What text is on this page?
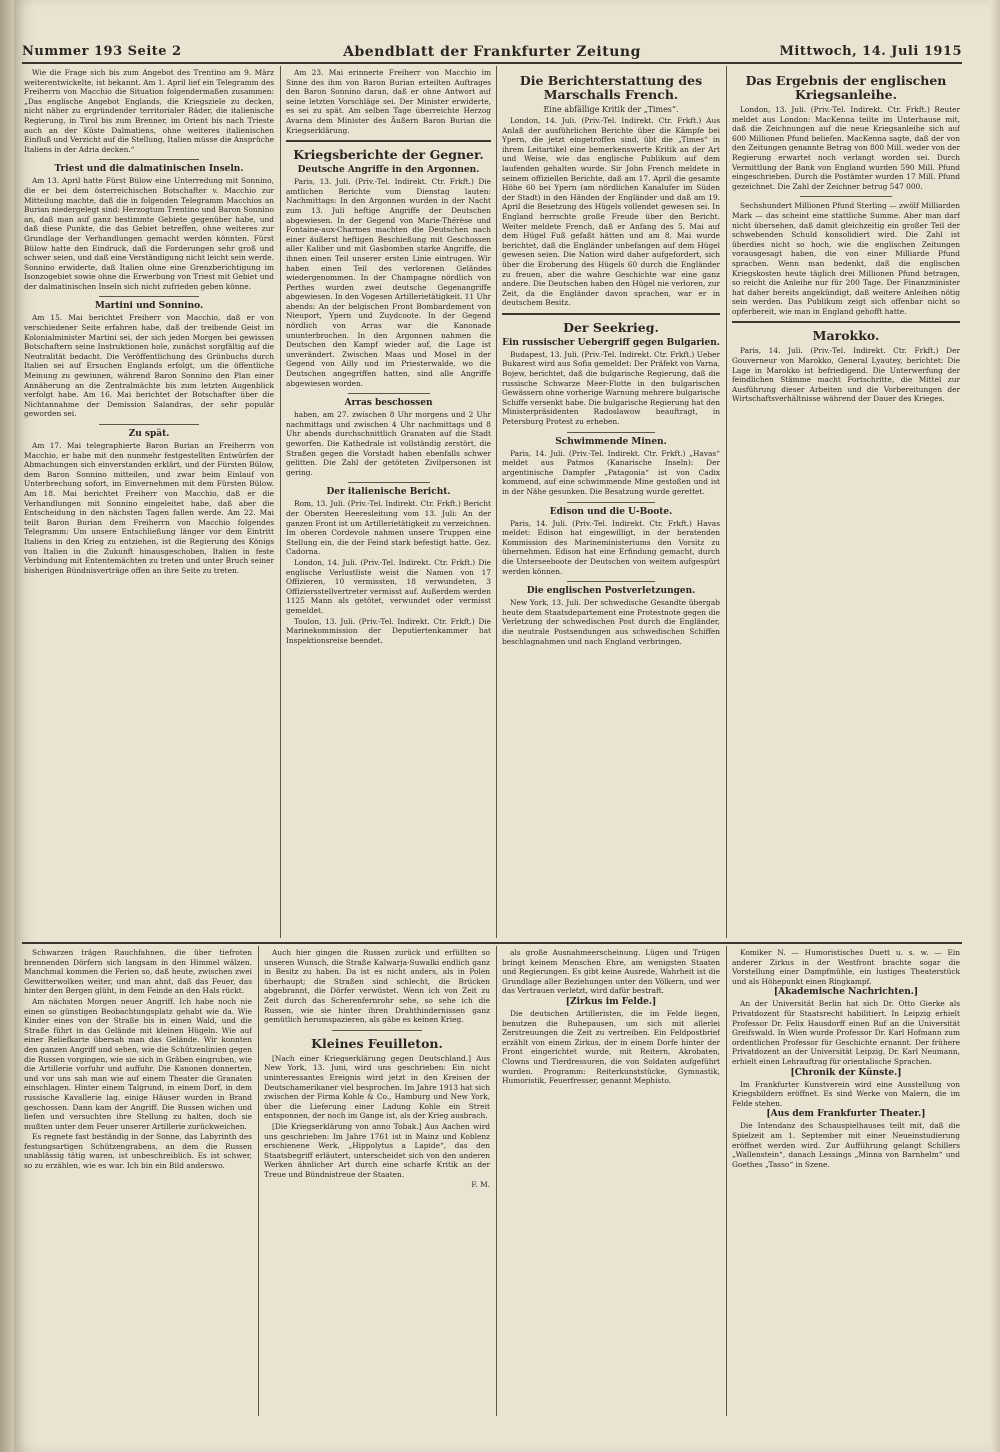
Nummer 193 Seite 2	Abendblatt der Frankfurter Zeitung	Mittwoch, 14. Juli 1915

Wie die Frage sich bis zum Angebot des Trentino am 9. März weiterentwickelte, ist bekannt. Am 1. April lief ein Telegramm des Freiherrn von Macchio die Situation folgendermaßen zusammen: „Das englische Angebot Englands, die Kriegsziele zu decken, nicht näher zu ergründender territorialer Räder, die italienische Regierung, in Tirol bis zum Brenner, im Orient bis nach Trieste auch an der Küste Dalmatiens, ohne weiteres italienischen Einfluß und Verzicht auf die Stellung, Italien müsse die Ansprüche Italiens in der Adria decken.“

Triest und die dalmatinischen Inseln.

Am 13. April hatte Fürst Bülow eine Unterredung mit Sonnino, die er bei dem österreichischen Botschafter v. Macchio zur Mitteilung machte, daß die in folgenden Telegramm Macchios an Burian niedergelegt sind: Herzogtum Trentino und Baron Sonnino an, daß man auf ganz bestimmte Gebiete gegenüber habe, und daß diese Punkte, die das Gebiet betreffen, ohne weiteres zur Grundlage der Verhandlungen gemacht werden könnten. Fürst Bülow hatte den Eindruck, daß die Forderungen sehr groß und schwer seien, und daß eine Verständigung nicht leicht sein werde. Sonnino erwiderte, daß Italien ohne eine Grenzberichtigung im Isonzogebiet sowie ohne die Erwerbung von Triest mit Gebiet und der dalmatinischen Inseln sich nicht zufrieden geben könne.

Martini und Sonnino.

Am 15. Mai berichtet Freiherr von Macchio, daß er von verschiedener Seite erfahren habe, daß der treibende Geist im Kolonialminister Martini sei, der sich jeden Morgen bei gewissen Botschaftern seine Instruktionen hole, zunächst sorgfältig auf die Neutralität bedacht. Die Veröffentlichung des Grünbuchs durch Italien sei auf Ersuchen Englands erfolgt, um die öffentliche Meinung zu gewinnen, während Baron Sonnino den Plan einer Annäherung an die Zentralmächte bis zum letzten Augenblick verfolgt habe. Am 16. Mai berichtet der Botschafter über die Nichtannahme der Demission Salandras, der sehr populär geworden sei.

Zu spät.

Am 17. Mai telegraphierte Baron Burian an Freiherrn von Macchio, er habe mit den nunmehr festgestellten Entwürfen der Abmachungen sich einverstanden erklärt, und der Fürsten Bülow, dem Baron Sonnino mitteilen, und zwar beim Einlauf von Unterbrechung sofort, im Einvernehmen mit dem Fürsten Bülow. Am 18. Mai berichtet Freiherr von Macchio, daß er die Verhandlungen mit Sonnino eingeleitet habe, daß aber die Entscheidung in den nächsten Tagen fallen werde. Am 22. Mai teilt Baron Burian dem Freiherrn von Macchio folgendes Telegramm: Um unsere Entschließung länger vor dem Eintritt Italiens in den Krieg zu entziehen, ist die Regierung des Königs von Italien in die Zukunft hinausgeschoben, Italien in feste Verbindung mit Ententemächten zu treten und unter Bruch seiner bisherigen Bündnisverträge offen an ihre Seite zu treten.

Am 23. Mai erinnerte Freiherr von Macchio im Sinne des ihm von Baron Burian erteilten Auftrages den Baron Sonnino daran, daß er ohne Antwort auf seine letzten Vorschläge sei. Der Minister erwiderte, es sei zu spät. Am selben Tage überreichte Herzog Avarna dem Minister des Äußern Baron Burian die Kriegserklärung.

Kriegsberichte der Gegner.

Deutsche Angriffe in den Argonnen.

Paris, 13. Juli. (Priv.-Tel. Indirekt. Ctr. Frkft.) Die amtlichen Berichte vom Dienstag lauten: Nachmittags: In den Argonnen wurden in der Nacht zum 13. Juli heftige Angriffe der Deutschen abgewiesen. In der Gegend von Marie-Thérèse und Fontaine-aux-Charmes machten die Deutschen nach einer äußerst heftigen Beschießung mit Geschossen aller Kaliber und mit Gasbomben starke Angriffe, die ihnen einen Teil unserer ersten Linie eintrugen. Wir haben einen Teil des verlorenen Geländes wiedergenommen. In der Champagne nördlich von Perthes wurden zwei deutsche Gegenangriffe abgewiesen. In den Vogesen Artillerietätigkeit. 11 Uhr abends: An der belgischen Front Bombardement von Nieuport, Ypern und Zuydcoote. In der Gegend nördlich von Arras war die Kanonade ununterbrochen. In den Argonnen nahmen die Deutschen den Kampf wieder auf, die Lage ist unverändert. Zwischen Maas und Mosel in der Gegend von Ailly und im Priesterwalde, wo die Deutschen angegriffen hatten, sind alle Angriffe abgewiesen worden.

Arras beschossen

haben, am 27. zwischen 8 Uhr morgens und 2 Uhr nachmittags und zwischen 4 Uhr nachmittags und 8 Uhr abends durchschnittlich Granaten auf die Stadt geworfen. Die Kathedrale ist vollständig zerstört, die Straßen gegen die Vorstadt haben ebenfalls schwer gelitten. Die Zahl der getöteten Zivilpersonen ist gering.

Der italienische Bericht.

Rom, 13. Juli. (Priv.-Tel. Indirekt. Ctr. Frkft.) Bericht der Obersten Heeresleitung vom 13. Juli: An der ganzen Front ist um Artillerietätigkeit zu verzeichnen. Im oberen Cordevole nahmen unsere Truppen eine Stellung ein, die der Feind stark befestigt hatte. Gez. Cadorna.

London, 14. Juli. (Priv.-Tel. Indirekt. Ctr. Frkft.) Die englische Verlustliste weist die Namen von 17 Offizieren, 10 vermissten, 18 verwundeten, 3 Offiziersstellvertreter vermisst auf. Außerdem werden 1125 Mann als getötet, verwundet oder vermisst gemeldet.

Toulon, 13. Juli. (Priv.-Tel. Indirekt. Ctr. Frkft.) Die Marinekommission der Deputiertenkammer hat Inspektionsreise beendet.

Die Berichterstattung des Marschalls French.

Eine abfällige Kritik der „Times“.

London, 14. Juli. (Priv.-Tel. Indirekt. Ctr. Frkft.) Aus Anlaß der ausführlichen Berichte über die Kämpfe bei Ypern, die jetzt eingetroffen sind, übt die „Times“ in ihrem Leitartikel eine bemerkenswerte Kritik an der Art und Weise, wie das englische Publikum auf dem laufenden gehalten wurde. Sir John French meldete in seinem offiziellen Berichte, daß am 17. April die gesamte Höhe 60 bei Ypern (am nördlichen Kanalufer im Süden der Stadt) in den Händen der Engländer und daß am 19. April die Besetzung des Hügels vollendet gewesen sei. In England herrschte große Freude über den Bericht. Weiter meldete French, daß er Anfang des 5. Mai auf dem Hügel Fuß gefaßt hätten und am 8. Mai wurde berichtet, daß die Engländer unbefangen auf dem Hügel gewesen seien. Die Nation wird daher aufgefordert, sich über die Eroberung des Hügels 60 durch die Engländer zu freuen, aber die wahre Geschichte war eine ganz andere. Die Deutschen haben den Hügel nie verloren, zur Zeit, da die Engländer davon sprachen, war er in deutschem Besitz.

Der Seekrieg.

Ein russischer Uebergriff gegen Bulgarien.

Budapest, 13. Juli. (Priv.-Tel. Indirekt. Ctr. Frkft.) Ueber Bukarest wird aus Sofia gemeldet: Der Präfekt von Varna, Bojew, berichtet, daß die bulgarische Regierung, daß die russische Schwarze Meer-Flotte in den bulgarischen Gewässern ohne vorherige Warnung mehrere bulgarische Schiffe versenkt habe. Die bulgarische Regierung hat den Ministerpräsidenten Radoslawow beauftragt, in Petersburg Protest zu erheben.

Schwimmende Minen.

Paris, 14. Juli. (Priv.-Tel. Indirekt. Ctr. Frkft.) „Havas“ meldet aus Patmos (Kanarische Inseln): Der argentinische Dampfer „Patagonia“ ist von Cadix kommend, auf eine schwimmende Mine gestoßen und ist in der Nähe gesunken. Die Besatzung wurde gerettet.

Edison und die U-Boote.

Paris, 14. Juli. (Priv.-Tel. Indirekt. Ctr. Frkft.) Havas meldet: Edison hat eingewilligt, in der beratenden Kommission des Marineministeriums den Vorsitz zu übernehmen. Edison hat eine Erfindung gemacht, durch die Unterseeboote der Deutschen von weitem aufgespürt werden können.

Die englischen Postverletzungen.

New York, 13. Juli. Der schwedische Gesandte übergab heute dem Staatsdepartement eine Protestnote gegen die Verletzung der schwedischen Post durch die Engländer, die neutrale Postsendungen aus schwedischen Schiffen beschlagnahmen und nach England verbringen.

Das Ergebnis der englischen Kriegsanleihe.

London, 13. Juli. (Priv.-Tel. Indirekt. Ctr. Frkft.) Reuter meldet aus London: MacKenna teilte im Unterhause mit, daß die Zeichnungen auf die neue Kriegsanleihe sich auf 600 Millionen Pfund beliefen. MacKenna sagte, daß der von den Zeitungen genannte Betrag von 800 Mill. weder von der Regierung erwartet noch verlangt worden sei. Durch Vermittlung der Bank von England wurden 590 Mill. Pfund eingeschrieben. Durch die Postämter wurden 17 Mill. Pfund gezeichnet. Die Zahl der Zeichner betrug 547 000.

Sechshundert Millionen Pfund Sterling — zwölf Milliarden Mark — das scheint eine stattliche Summe. Aber man darf nicht übersehen, daß damit gleichzeitig ein großer Teil der schwebenden Schuld konsolidiert wird. Die Zahl ist überdies nicht so hoch, wie die englischen Zeitungen vorausgesagt haben, die von einer Milliarde Pfund sprachen. Wenn man bedenkt, daß die englischen Kriegskosten heute täglich drei Millionen Pfund betragen, so reicht die Anleihe nur für 200 Tage. Der Finanzminister hat daher bereits angekündigt, daß weitere Anleihen nötig sein werden. Das Publikum zeigt sich offenbar nicht so opferbereit, wie man in England gehofft hatte.

Marokko.

Paris, 14. Juli. (Priv.-Tel. Indirekt. Ctr. Frkft.) Der Gouverneur von Marokko, General Lyautey, berichtet: Die Lage in Marokko ist befriedigend. Die Unterwerfung der feindlichen Stämme macht Fortschritte, die Mittel zur Ausführung dieser Arbeiten und die Vorbereitungen der Wirtschaftsverhältnisse während der Dauer des Krieges.

Schwarzen trägen Rauchfahnen, die über tiefroten brennenden Dörfern sich langsam in den Himmel wälzen. Manchmal kommen die Ferien so, daß heute, zwischen zwei Gewitterwolken weiter, und man ahnt, daß das Feuer, das hinter den Bergen glüht, in dem Feinde an den Hals rückt.

Am nächsten Morgen neuer Angriff. Ich habe noch nie einen so günstigen Beobachtungsplatz gehabt wie da. Wie Kinder eines von der Straße bis in einen Wald, und die Straße führt in das Gelände mit kleinen Hügeln. Wie auf einer Reliefkarte übersah man das Gelände. Wir konnten den ganzen Angriff und sehen, wie die Schützenlinien gegen die Russen vorgingen, wie sie sich in Gräben eingruben, wie die Artillerie vorfuhr und auffuhr. Die Kanonen donnerten, und vor uns sah man wie auf einem Theater die Granaten einschlagen. Hinter einem Talgrund, in einem Dorf, in dem russische Kavallerie lag, einige Häuser wurden in Brand geschossen. Dann kam der Angriff. Die Russen wichen und liefen und versuchten ihre Stellung zu halten, doch sie mußten unter dem Feuer unserer Artillerie zurückweichen.

Es regnete fast beständig in der Sonne, das Labyrinth des festungsartigen Schützengrabens, an dem die Russen unablässig tätig waren, ist unbeschreiblich. Es ist schwer, so zu erzählen, wie es war. Ich bin ein Bild anderswo.

Auch hier gingen die Russen zurück und erfüllten so unseren Wunsch, die Straße Kalwarja-Suwalki endlich ganz in Besitz zu haben. Da ist es nicht anders, als in Polen überhaupt; die Straßen sind schlecht, die Brücken abgebrannt, die Dörfer verwüstet. Wenn ich von Zeit zu Zeit durch das Scherenfernrohr sehe, so sehe ich die Russen, wie sie hinter ihren Drahthindernissen ganz gemütlich herumspazieren, als gäbe es keinen Krieg.

Kleines Feuilleton.

[Nach einer Kriegserklärung gegen Deutschland.] Aus New York, 13. Juni, wird uns geschrieben: Ein nicht uninteressantes Ereignis wird jetzt in den Kreisen der Deutschamerikaner viel besprochen. Im Jahre 1913 hat sich zwischen der Firma Kohle & Co., Hamburg und New York, über die Lieferung einer Ladung Kohle ein Streit entsponnen, der noch im Gange ist, als der Krieg ausbrach.

[Die Kriegserklärung von anno Tobak.] Aus Aachen wird uns geschrieben: Im Jahre 1761 ist in Mainz und Koblenz erschienene Werk, „Hippolytus a Lapide“, das den Staatsbegriff erläutert, unterscheidet sich von den anderen Werken ähnlicher Art durch eine scharfe Kritik an der Treue und Bündnistreue der Staaten.

F. M.

als große Ausnahmeerscheinung. Lügen und Trügen bringt keinem Menschen Ehre, am wenigsten Staaten und Regierungen. Es gibt keine Ausrede, Wahrheit ist die Grundlage aller Beziehungen unter den Völkern, und wer das Vertrauen verletzt, wird dafür bestraft.

[Zirkus im Felde.]

Die deutschen Artilleristen, die im Felde liegen, benutzen die Ruhepausen, um sich mit allerlei Zerstreuungen die Zeit zu vertreiben. Ein Feldpostbrief erzählt von einem Zirkus, der in einem Dorfe hinter der Front eingerichtet wurde, mit Reitern, Akrobaten, Clowns und Tierdressuren, die von Soldaten aufgeführt wurden. Programm: Reiterkunststücke, Gymnastik, Humoristik, Feuerfresser, genannt Mephisto.

Komiker N. — Humoristisches Duett u. s. w. — Ein anderer Zirkus in der Westfront brachte sogar die Vorstellung einer Dampfmühle, ein lustiges Theaterstück und als Höhepunkt einen Ringkampf.

[Akademische Nachrichten.]

An der Universität Berlin hat sich Dr. Otto Gierke als Privatdozent für Staatsrecht habilitiert. In Leipzig erhielt Professor Dr. Felix Hausdorff einen Ruf an die Universität Greifswald. In Wien wurde Professor Dr. Karl Hofmann zum ordentlichen Professor für Geschichte ernannt. Der frühere Privatdozent an der Universität Leipzig, Dr. Karl Neumann, erhielt einen Lehrauftrag für orientalische Sprachen.

[Chronik der Künste.]

Im Frankfurter Kunstverein wird eine Ausstellung von Kriegsbildern eröffnet. Es sind Werke von Malern, die im Felde stehen.

[Aus dem Frankfurter Theater.]

Die Intendanz des Schauspielhauses teilt mit, daß die Spielzeit am 1. September mit einer Neueinstudierung eröffnet werden wird. Zur Aufführung gelangt Schillers „Wallenstein“, danach Lessings „Minna von Barnhelm“ und Goethes „Tasso“ in Szene.
